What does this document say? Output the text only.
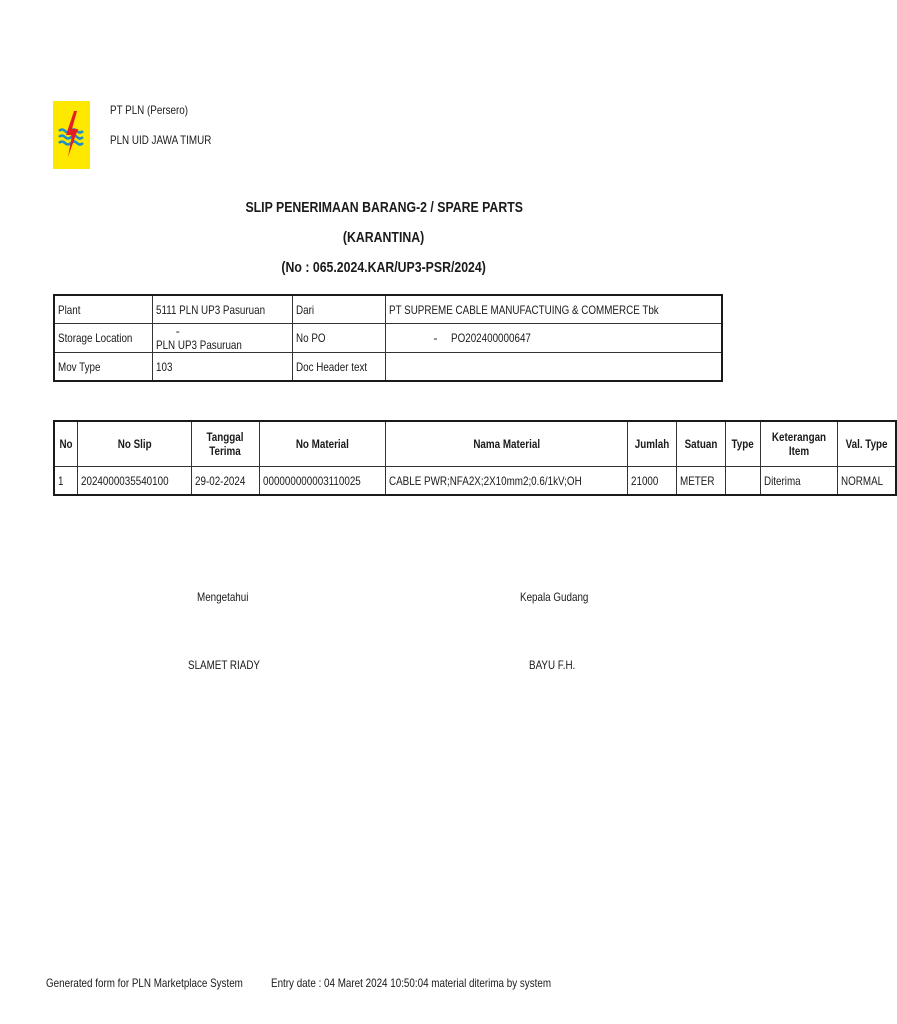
PT PLN (Persero)
PLN UID JAWA TIMUR
SLIP PENERIMAAN BARANG-2 / SPARE PARTS
(KARANTINA)
(No : 065.2024.KAR/UP3-PSR/2024)
Plant	5111 PLN UP3 Pasuruan	Dari	PT SUPREME CABLE MANUFACTUING & COMMERCE Tbk
Storage Location	-PLN UP3 Pasuruan	No PO	- PO202400000647
Mov Type	103	Doc Header text	
No	No Slip	Tanggal Terima	No Material	Nama Material	Jumlah	Satuan	Type	Keterangan Item	Val. Type
1	2024000035540100	29-02-2024	000000000003110025	CABLE PWR;NFA2X;2X10mm2;0.6/1kV;OH	21000	METER		Diterima	NORMAL
Mengetahui
SLAMET RIADY
Kepala Gudang
BAYU F.H.
Generated form for PLN Marketplace System Entry date : 04 Maret 2024 10:50:04 material diterima by system
